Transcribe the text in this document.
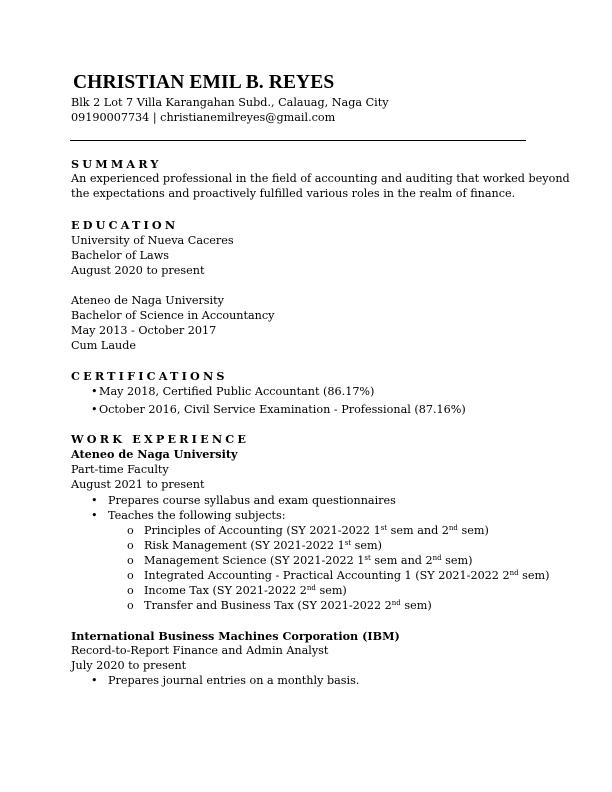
CHRISTIAN EMIL B. REYES
Blk 2 Lot 7 Villa Karangahan Subd., Calauag, Naga City
09190007734 | christianemilreyes@gmail.com
SUMMARY
An experienced professional in the field of accounting and auditing that worked beyond
the expectations and proactively fulfilled various roles in the realm of finance.
EDUCATION
University of Nueva Caceres
Bachelor of Laws
August 2020 to present
Ateneo de Naga University
Bachelor of Science in Accountancy
May 2013 - October 2017
Cum Laude
CERTIFICATIONS
• May 2018, Certified Public Accountant (86.17%)
• October 2016, Civil Service Examination - Professional (87.16%)
WORK EXPERIENCE
Ateneo de Naga University
Part-time Faculty
August 2021 to present
• Prepares course syllabus and exam questionnaires
• Teaches the following subjects:
o Principles of Accounting (SY 2021-2022 1st sem and 2nd sem)
o Risk Management (SY 2021-2022 1st sem)
o Management Science (SY 2021-2022 1st sem and 2nd sem)
o Integrated Accounting - Practical Accounting 1 (SY 2021-2022 2nd sem)
o Income Tax (SY 2021-2022 2nd sem)
o Transfer and Business Tax (SY 2021-2022 2nd sem)
International Business Machines Corporation (IBM)
Record-to-Report Finance and Admin Analyst
July 2020 to present
• Prepares journal entries on a monthly basis.
